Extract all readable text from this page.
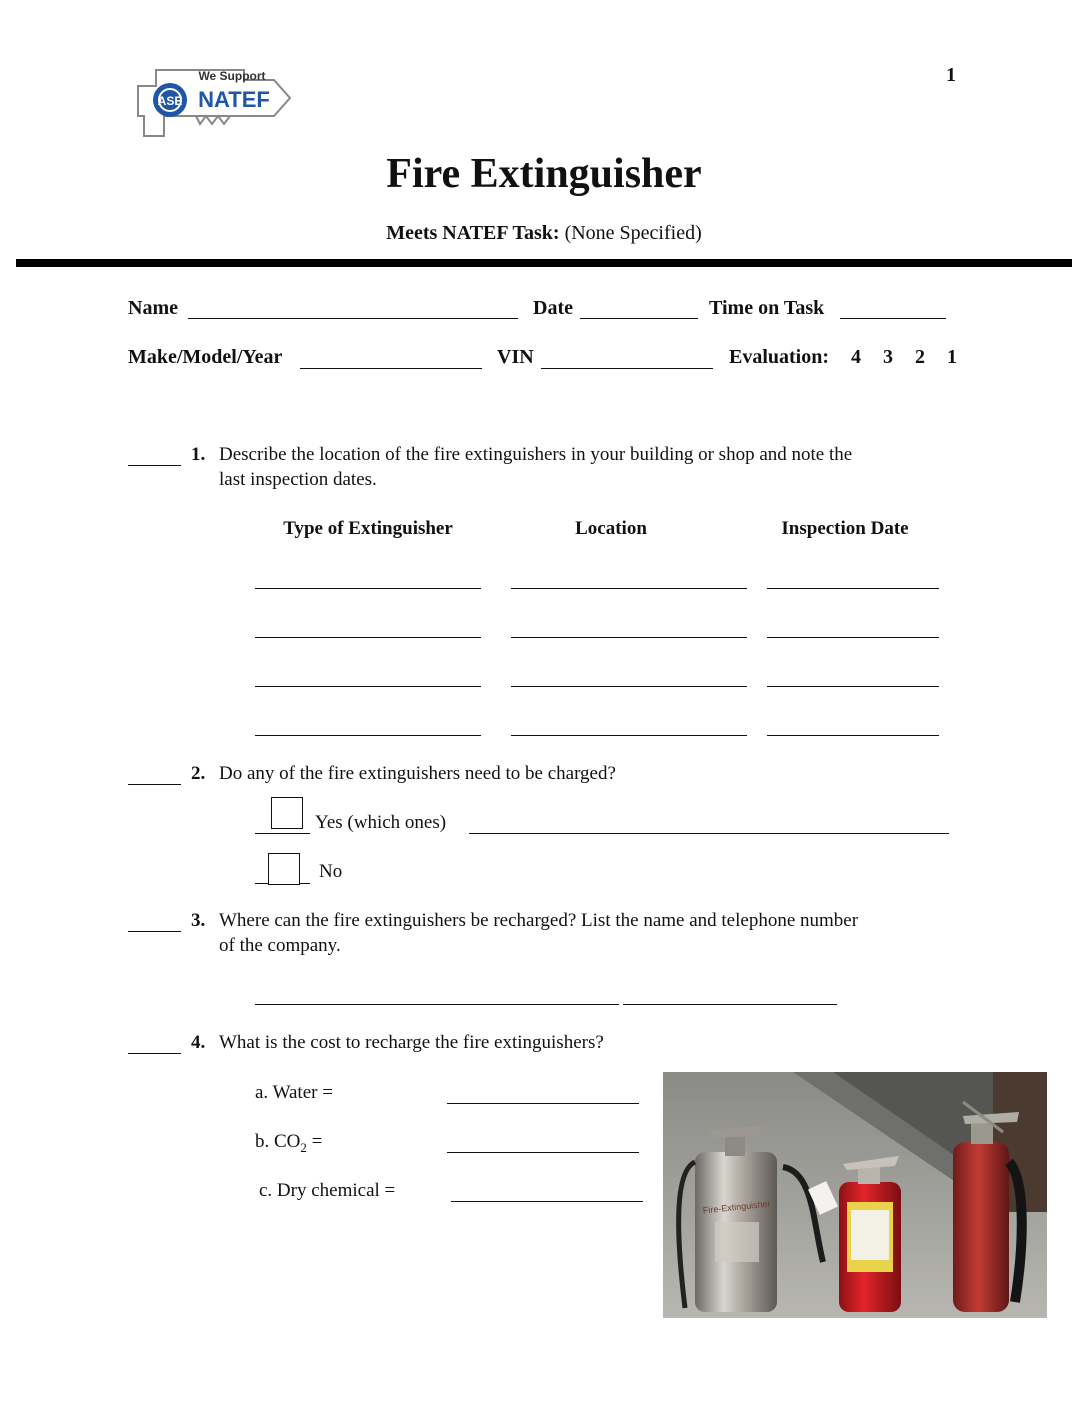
1
ASE
We Support
NATEF
Fire Extinguisher
Meets NATEF Task: (None Specified)
Name	Date	Time on Task
Make/Model/Year	VIN	Evaluation: 4 3 2 1
1. Describe the location of the fire extinguishers in your building or shop and note the
last inspection dates.
Type of Extinguisher	Location	Inspection Date
2. Do any of the fire extinguishers need to be charged?
Yes (which ones)
No
3. Where can the fire extinguishers be recharged? List the name and telephone number
of the company.
4. What is the cost to recharge the fire extinguishers?
a. Water =
b. $CO_2$ =
c. Dry chemical =
Fire-Extinguisher
